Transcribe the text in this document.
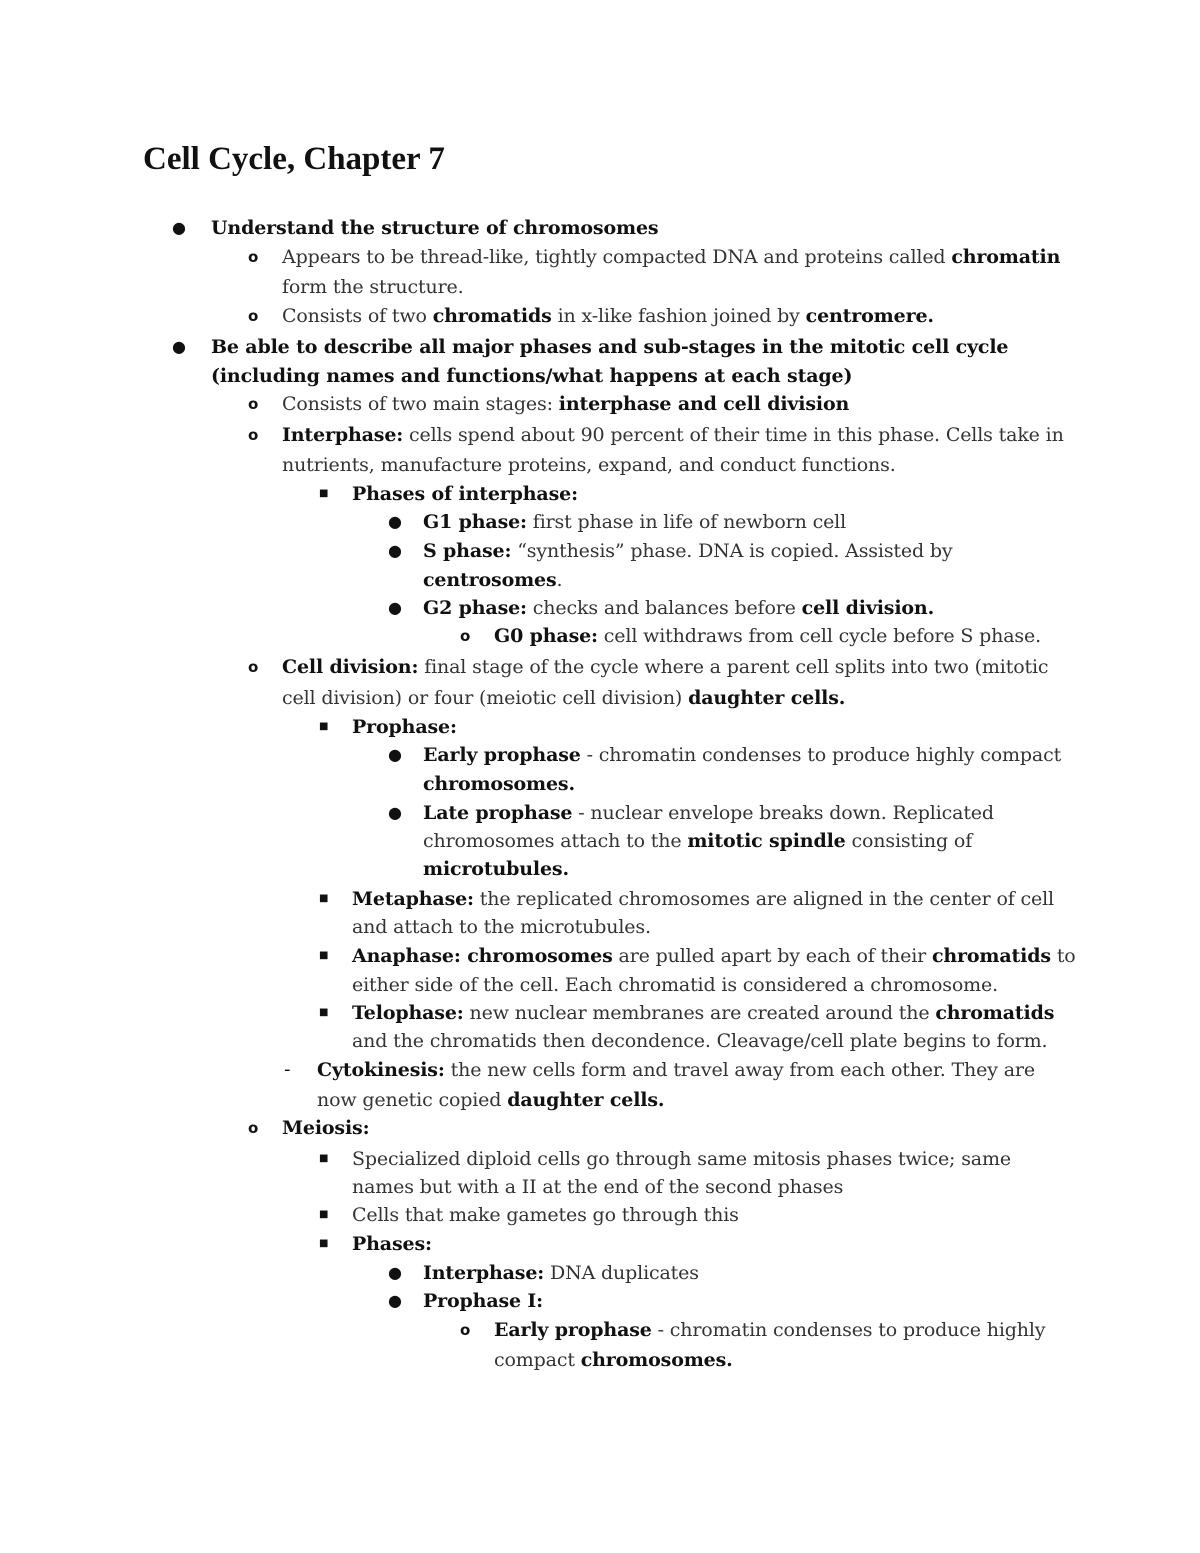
Cell Cycle, Chapter 7
● Understand the structure of chromosomes
o Appears to be thread-like, tightly compacted DNA and proteins called chromatin
form the structure.
o Consists of two chromatids in x-like fashion joined by centromere.
● Be able to describe all major phases and sub-stages in the mitotic cell cycle
(including names and functions/what happens at each stage)
o Consists of two main stages: interphase and cell division
o Interphase: cells spend about 90 percent of their time in this phase. Cells take in
nutrients, manufacture proteins, expand, and conduct functions.
■ Phases of interphase:
● G1 phase: first phase in life of newborn cell
● S phase: “synthesis” phase. DNA is copied. Assisted by
centrosomes.
● G2 phase: checks and balances before cell division.
o G0 phase: cell withdraws from cell cycle before S phase.
o Cell division: final stage of the cycle where a parent cell splits into two (mitotic
cell division) or four (meiotic cell division) daughter cells.
■ Prophase:
● Early prophase - chromatin condenses to produce highly compact
chromosomes.
● Late prophase - nuclear envelope breaks down. Replicated
chromosomes attach to the mitotic spindle consisting of
microtubules.
■ Metaphase: the replicated chromosomes are aligned in the center of cell
and attach to the microtubules.
■ Anaphase: chromosomes are pulled apart by each of their chromatids to
either side of the cell. Each chromatid is considered a chromosome.
■ Telophase: new nuclear membranes are created around the chromatids
and the chromatids then decondence. Cleavage/cell plate begins to form.
- Cytokinesis: the new cells form and travel away from each other. They are
now genetic copied daughter cells.
o Meiosis:
■ Specialized diploid cells go through same mitosis phases twice; same
names but with a II at the end of the second phases
■ Cells that make gametes go through this
■ Phases:
● Interphase: DNA duplicates
● Prophase I:
o Early prophase - chromatin condenses to produce highly
compact chromosomes.
